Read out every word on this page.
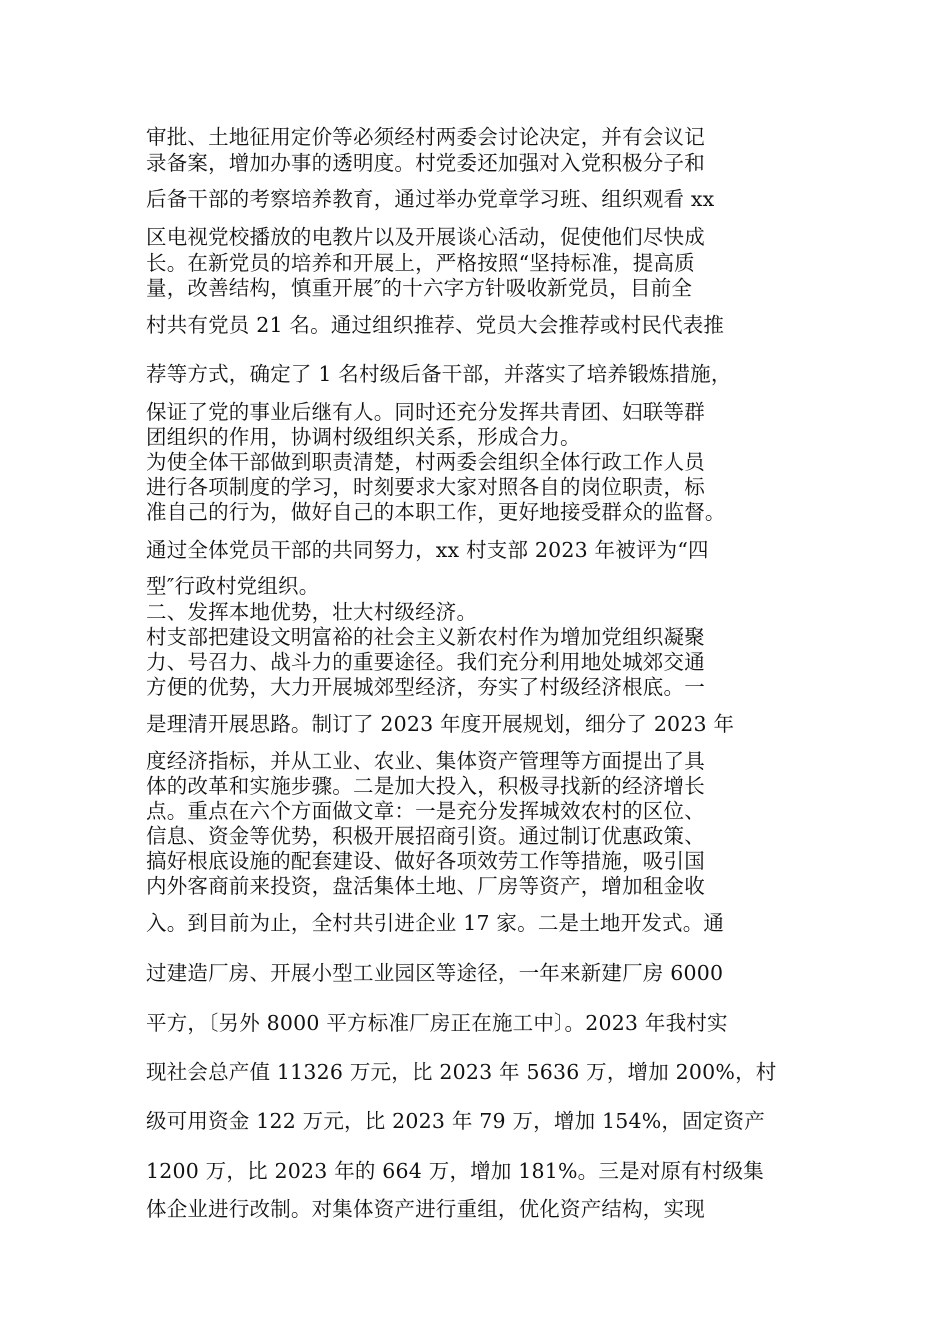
审批、土地征用定价等必须经村两委会讨论决定，并有会议记
录备案，增加办事的透明度。村党委还加强对入党积极分子和
后备干部的考察培养教育，通过举办党章学习班、组织观看 xx
区电视党校播放的电教片以及开展谈心活动，促使他们尽快成
长。在新党员的培养和开展上，严格按照“坚持标准，提高质
量，改善结构，慎重开展″的十六字方针吸收新党员，目前全
村共有党员 21 名。通过组织推荐、党员大会推荐或村民代表推
荐等方式，确定了 1 名村级后备干部，并落实了培养锻炼措施，
保证了党的事业后继有人。同时还充分发挥共青团、妇联等群
团组织的作用，协调村级组织关系，形成合力。
为使全体干部做到职责清楚，村两委会组织全体行政工作人员
进行各项制度的学习，时刻要求大家对照各自的岗位职责，标
准自己的行为，做好自己的本职工作，更好地接受群众的监督。
通过全体党员干部的共同努力，xx 村支部 2023 年被评为“四
型″行政村党组织。
二、发挥本地优势，壮大村级经济。
村支部把建设文明富裕的社会主义新农村作为增加党组织凝聚
力、号召力、战斗力的重要途径。我们充分利用地处城郊交通
方便的优势，大力开展城郊型经济，夯实了村级经济根底。一
是理清开展思路。制订了 2023 年度开展规划，细分了 2023 年
度经济指标，并从工业、农业、集体资产管理等方面提出了具
体的改革和实施步骤。二是加大投入，积极寻找新的经济增长
点。重点在六个方面做文章：一是充分发挥城效农村的区位、
信息、资金等优势，积极开展招商引资。通过制订优惠政策、
搞好根底设施的配套建设、做好各项效劳工作等措施，吸引国
内外客商前来投资，盘活集体土地、厂房等资产，增加租金收
入。到目前为止，全村共引进企业 17 家。二是土地开发式。通
过建造厂房、开展小型工业园区等途径，一年来新建厂房 6000
平方，〔另外 8000 平方标准厂房正在施工中〕。2023 年我村实
现社会总产值 11326 万元，比 2023 年 5636 万，增加 200%，村
级可用资金 122 万元，比 2023 年 79 万，增加 154%，固定资产
1200 万，比 2023 年的 664 万，增加 181%。三是对原有村级集
体企业进行改制。对集体资产进行重组，优化资产结构，实现
